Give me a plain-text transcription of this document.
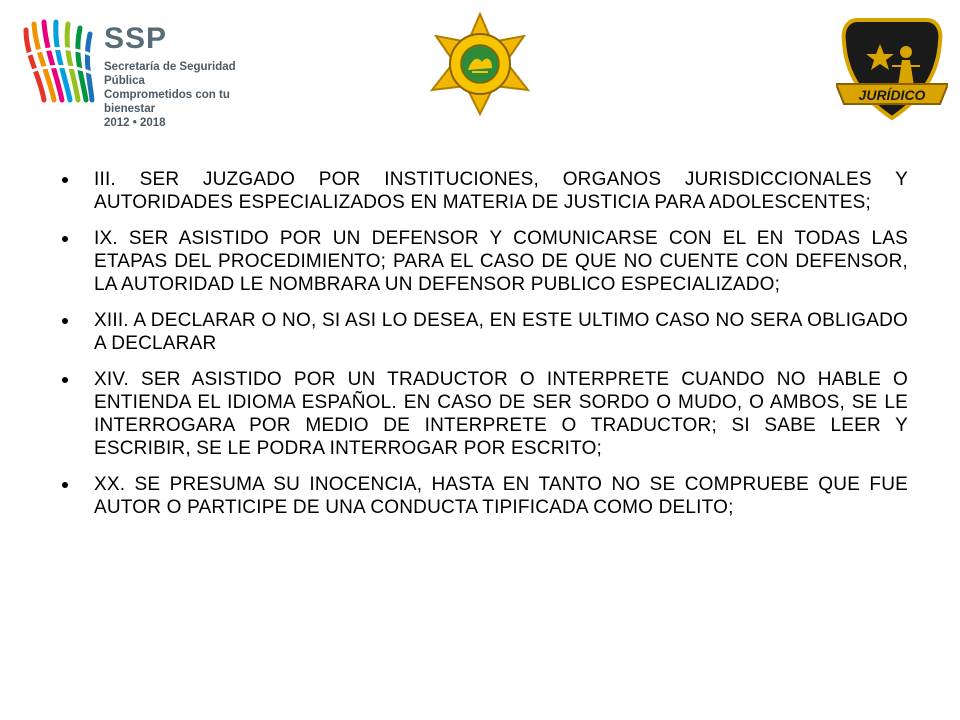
SSP
Secretaría de Seguridad Pública
Comprometidos con tu bienestar
2012 • 2018
JURÍDICO
III. SER JUZGADO POR INSTITUCIONES, ORGANOS JURISDICCIONALES Y AUTORIDADES ESPECIALIZADOS EN MATERIA DE JUSTICIA PARA ADOLESCENTES;
IX. SER ASISTIDO POR UN DEFENSOR Y COMUNICARSE CON EL EN TODAS LAS ETAPAS DEL PROCEDIMIENTO; PARA EL CASO DE QUE NO CUENTE CON DEFENSOR, LA AUTORIDAD LE NOMBRARA UN DEFENSOR PUBLICO ESPECIALIZADO;
XIII. A DECLARAR O NO, SI ASI LO DESEA, EN ESTE ULTIMO CASO NO SERA OBLIGADO A DECLARAR
XIV. SER ASISTIDO POR UN TRADUCTOR O INTERPRETE CUANDO NO HABLE O ENTIENDA EL IDIOMA ESPAÑOL. EN CASO DE SER SORDO O MUDO, O AMBOS, SE LE INTERROGARA POR MEDIO DE INTERPRETE O TRADUCTOR; SI SABE LEER Y ESCRIBIR, SE LE PODRA INTERROGAR POR ESCRITO;
XX. SE PRESUMA SU INOCENCIA, HASTA EN TANTO NO SE COMPRUEBE QUE FUE AUTOR O PARTICIPE DE UNA CONDUCTA TIPIFICADA COMO DELITO;
